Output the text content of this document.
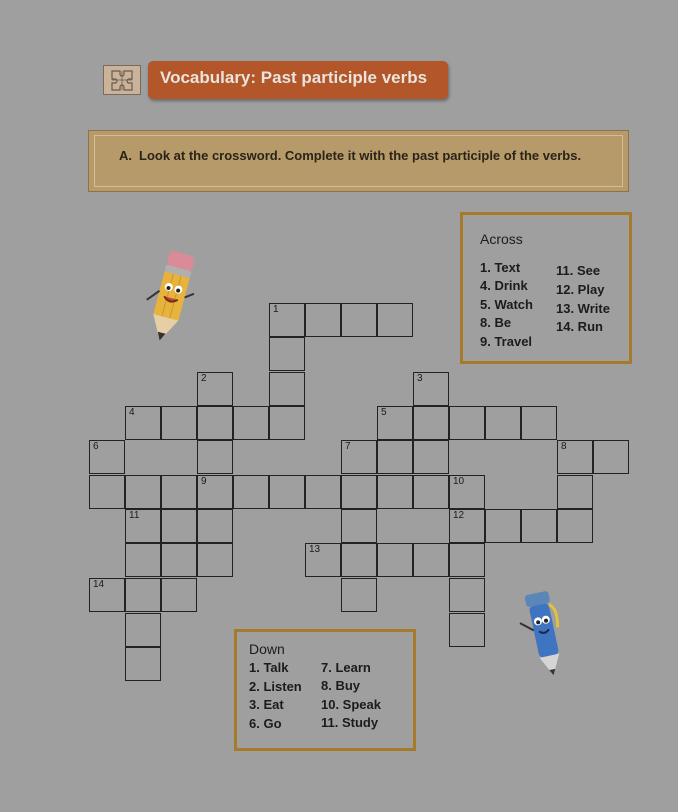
Vocabulary: Past participle verbs
A. Look at the crossword. Complete it with the past participle of the verbs.
Across
1. Text
4. Drink
5. Watch
8. Be
9. Travel
11. See
12. Play
13. Write
14. Run
Down
1. Talk
2. Listen
3. Eat
6. Go
7. Learn
8. Buy
10. Speak
11. Study
1
2	3
4	5
6	7	8
9	10
11	12
13
14
